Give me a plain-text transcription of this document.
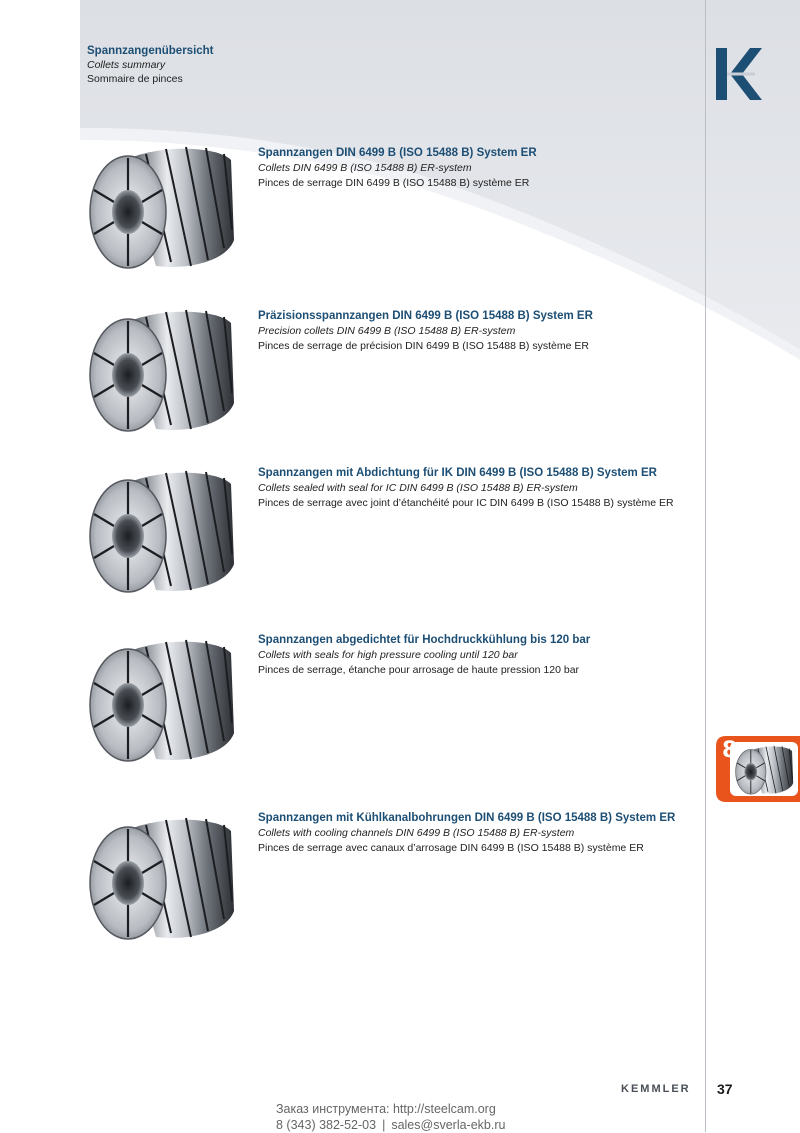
Spannzangenübersicht
Collets summary
Sommaire de pinces
Spannzangen DIN 6499 B (ISO 15488 B) System ER
Collets DIN 6499 B (ISO 15488 B) ER-system
Pinces de serrage DIN 6499 B (ISO 15488 B) système ER
Präzisionsspannzangen DIN 6499 B (ISO 15488 B) System ER
Precision collets DIN 6499 B (ISO 15488 B) ER-system
Pinces de serrage de précision DIN 6499 B (ISO 15488 B) système ER
Spannzangen mit Abdichtung für IK DIN 6499 B (ISO 15488 B) System ER
Collets sealed with seal for IC DIN 6499 B (ISO 15488 B) ER-system
Pinces de serrage avec joint d’étanchéité pour IC DIN 6499 B (ISO 15488 B) système ER
Spannzangen abgedichtet für Hochdruckkühlung bis 120 bar
Collets with seals for high pressure cooling until 120 bar
Pinces de serrage, étanche pour arrosage de haute pression 120 bar
Spannzangen mit Kühlkanalbohrungen DIN 6499 B (ISO 15488 B) System ER
Collets with cooling channels DIN 6499 B (ISO 15488 B) ER-system
Pinces de serrage avec canaux d’arrosage DIN 6499 B (ISO 15488 B) système ER
8
KEMMLER 37
Заказ инструмента: http://steelcam.org
8 (343) 382-52-03 | sales@sverla-ekb.ru
